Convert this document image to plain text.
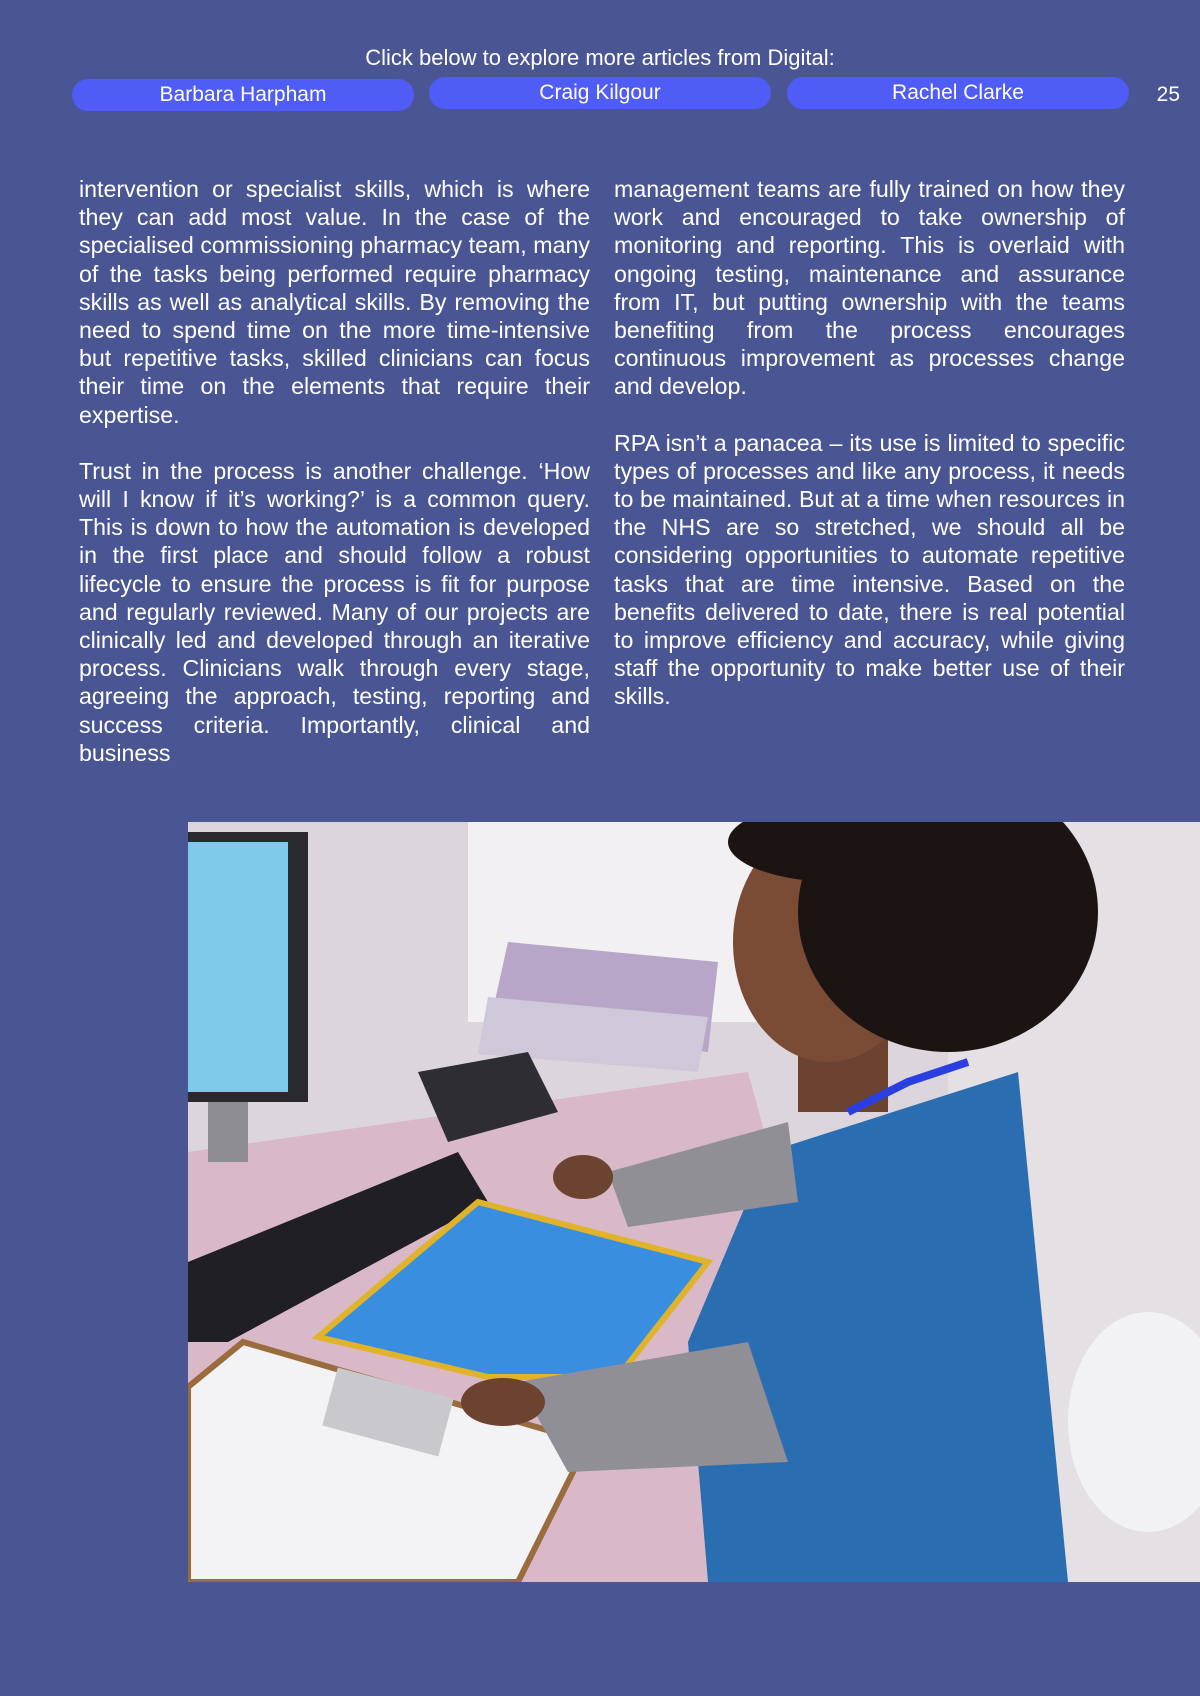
Click below to explore more articles from Digital:
Barbara Harpham	Craig Kilgour	Rachel Clarke	25

intervention or specialist skills, which is where they can add most value. In the case of the specialised commissioning pharmacy team, many of the tasks being performed require pharmacy skills as well as analytical skills. By removing the need to spend time on the more time-intensive but repetitive tasks, skilled clinicians can focus their time on the elements that require their expertise.

Trust in the process is another challenge. ‘How will I know if it’s working?’ is a common query. This is down to how the automation is developed in the first place and should follow a robust lifecycle to ensure the process is fit for purpose and regularly reviewed. Many of our projects are clinically led and developed through an iterative process. Clinicians walk through every stage, agreeing the approach, testing, reporting and success criteria. Importantly, clinical and business

management teams are fully trained on how they work and encouraged to take ownership of monitoring and reporting. This is overlaid with ongoing testing, maintenance and assurance from IT, but putting ownership with the teams benefiting from the process encourages continuous improvement as processes change and develop.

RPA isn’t a panacea – its use is limited to specific types of processes and like any process, it needs to be maintained. But at a time when resources in the NHS are so stretched, we should all be considering opportunities to automate repetitive tasks that are time intensive. Based on the benefits delivered to date, there is real potential to improve efficiency and accuracy, while giving staff the opportunity to make better use of their skills.
